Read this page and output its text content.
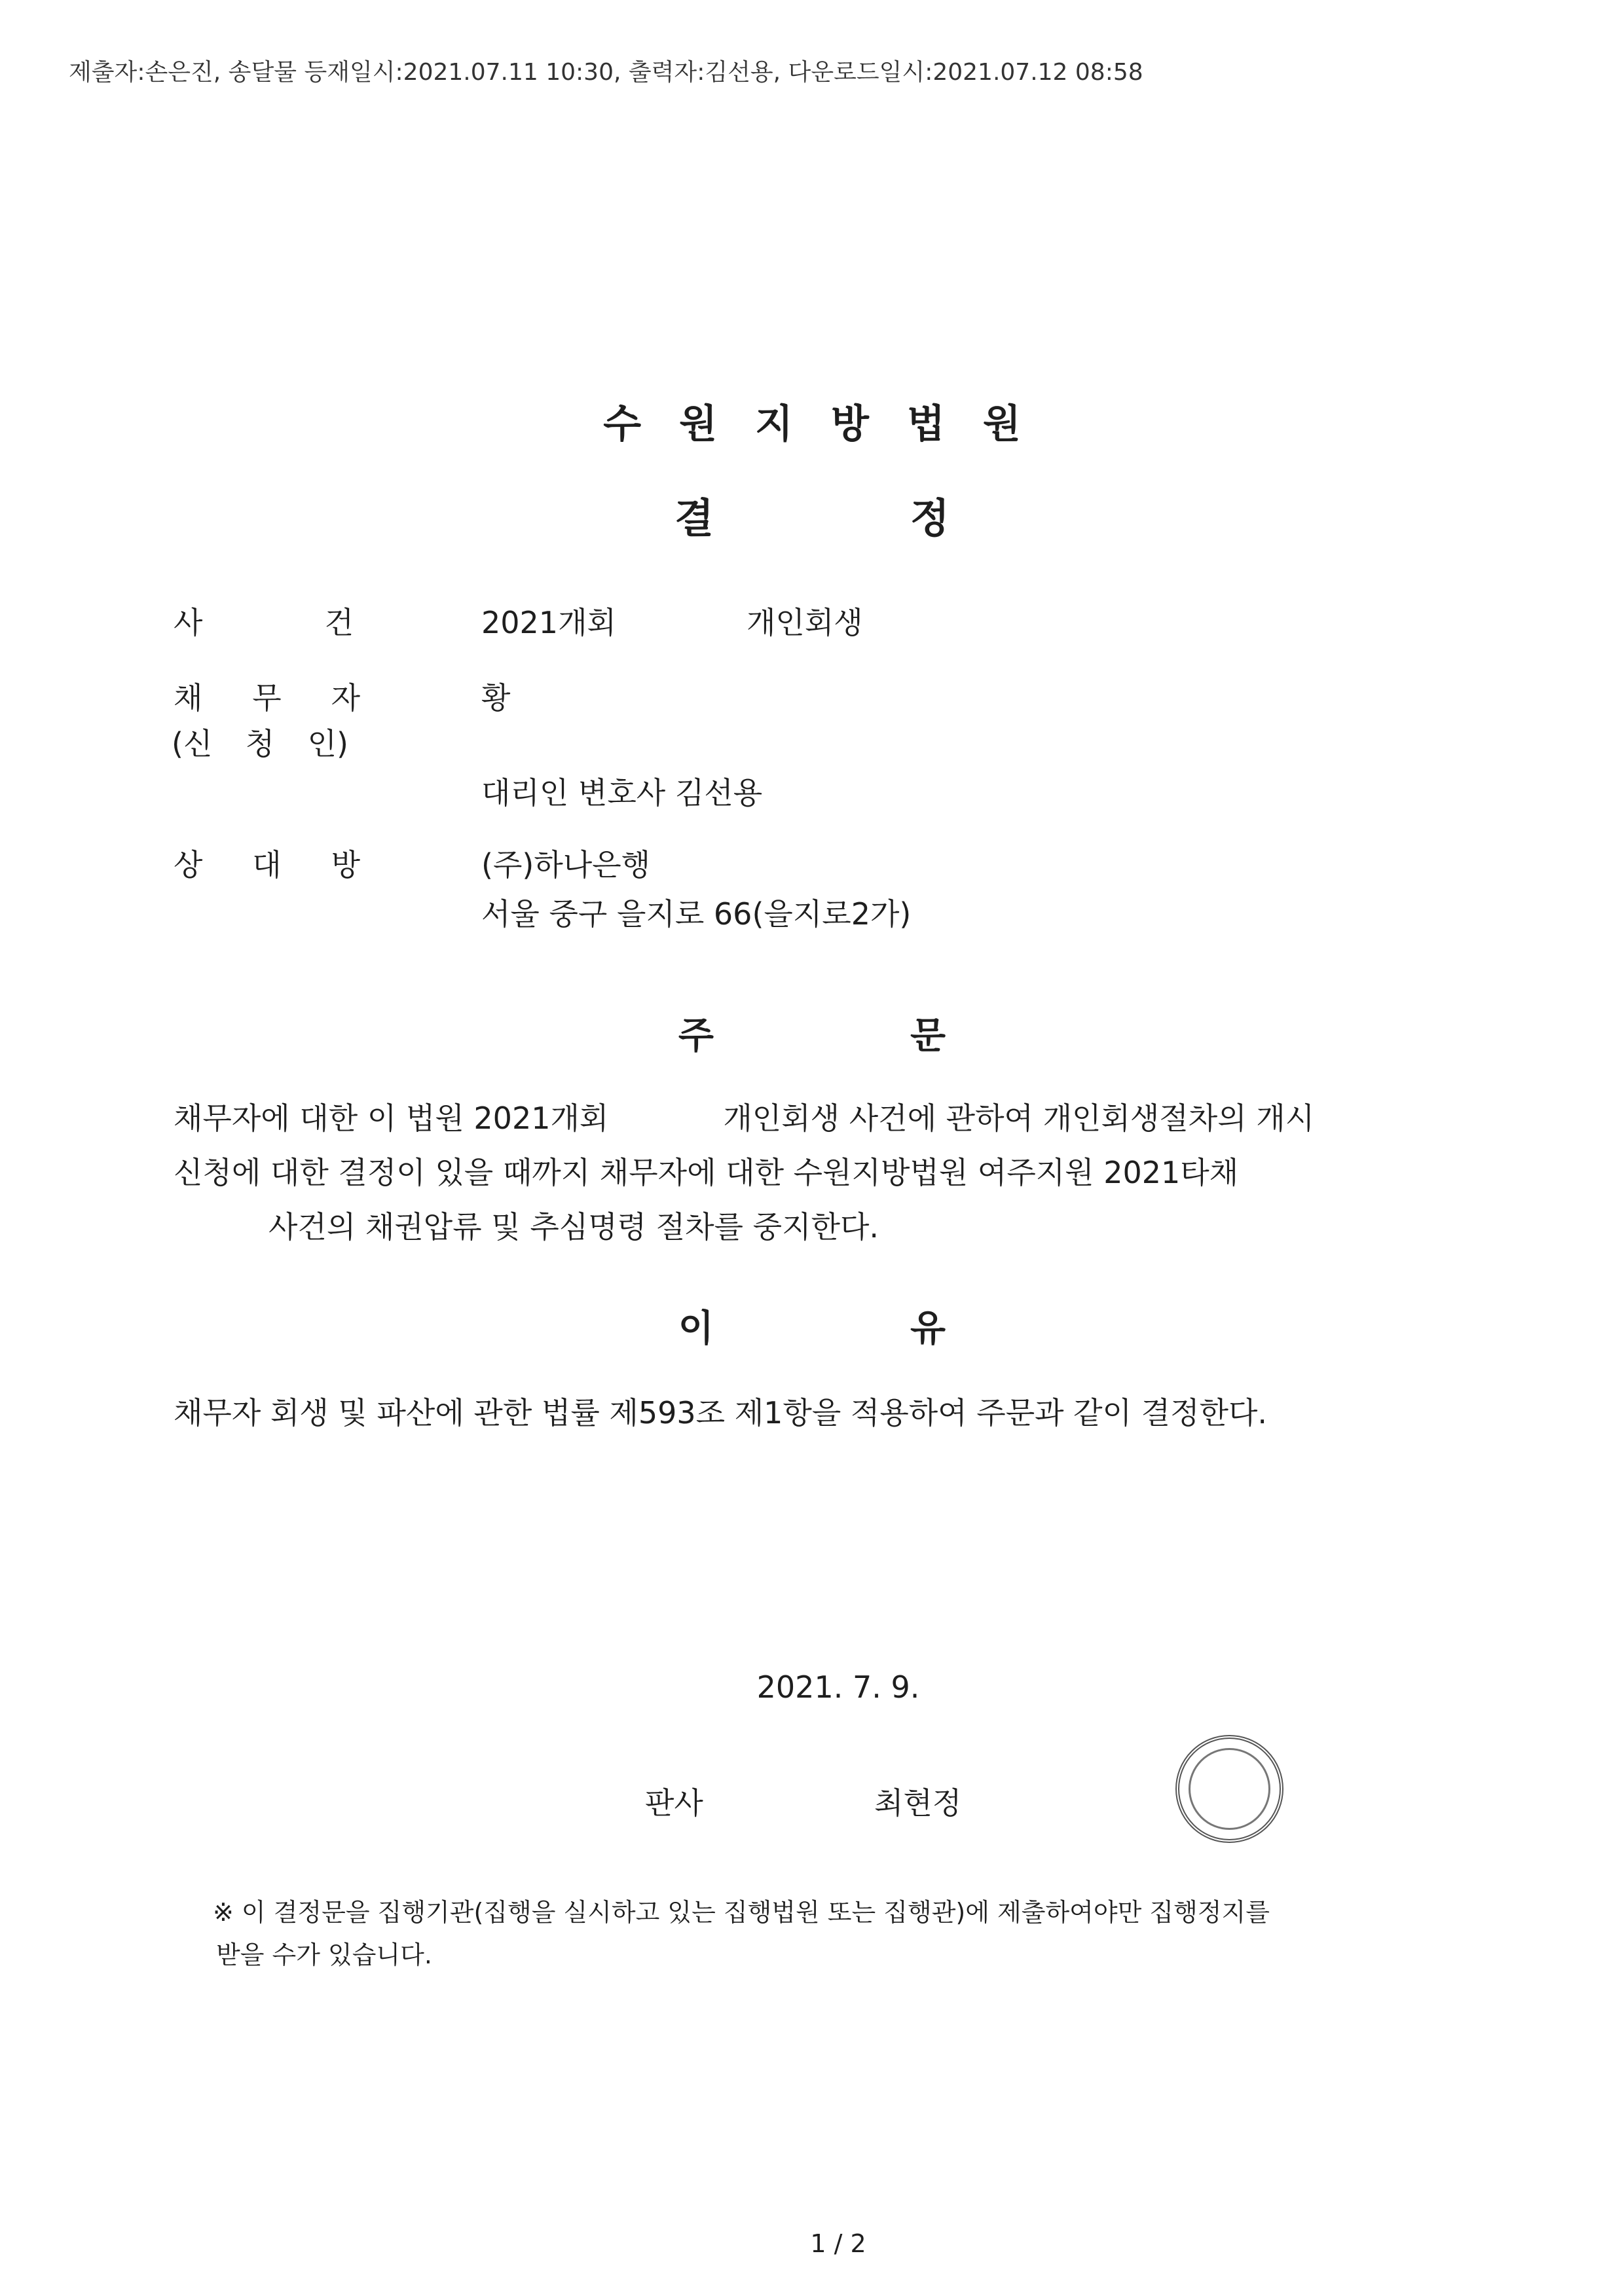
제출자:손은진, 송달물 등재일시:2021.07.11 10:30, 출력자:김선용, 다운로드일시:2021.07.12 08:58
수원지방법원
결	정
사	건	2021개회	개인회생
채 무 자	황
(신 청 인)
대리인 변호사 김선용
상 대 방	(주)하나은행
서울 중구 을지로 66(을지로2가)
주	문
채무자에 대한 이 법원 2021개회	개인회생 사건에 관하여 개인회생절차의 개시
신청에 대한 결정이 있을 때까지 채무자에 대한 수원지방법원 여주지원 2021타채
사건의 채권압류 및 추심명령 절차를 중지한다.
이	유
채무자 회생 및 파산에 관한 법률 제593조 제1항을 적용하여 주문과 같이 결정한다.
2021. 7. 9.
판사	최현정
※ 이 결정문을 집행기관(집행을 실시하고 있는 집행법원 또는 집행관)에 제출하여야만 집행정지를
받을 수가 있습니다.
1 / 2
